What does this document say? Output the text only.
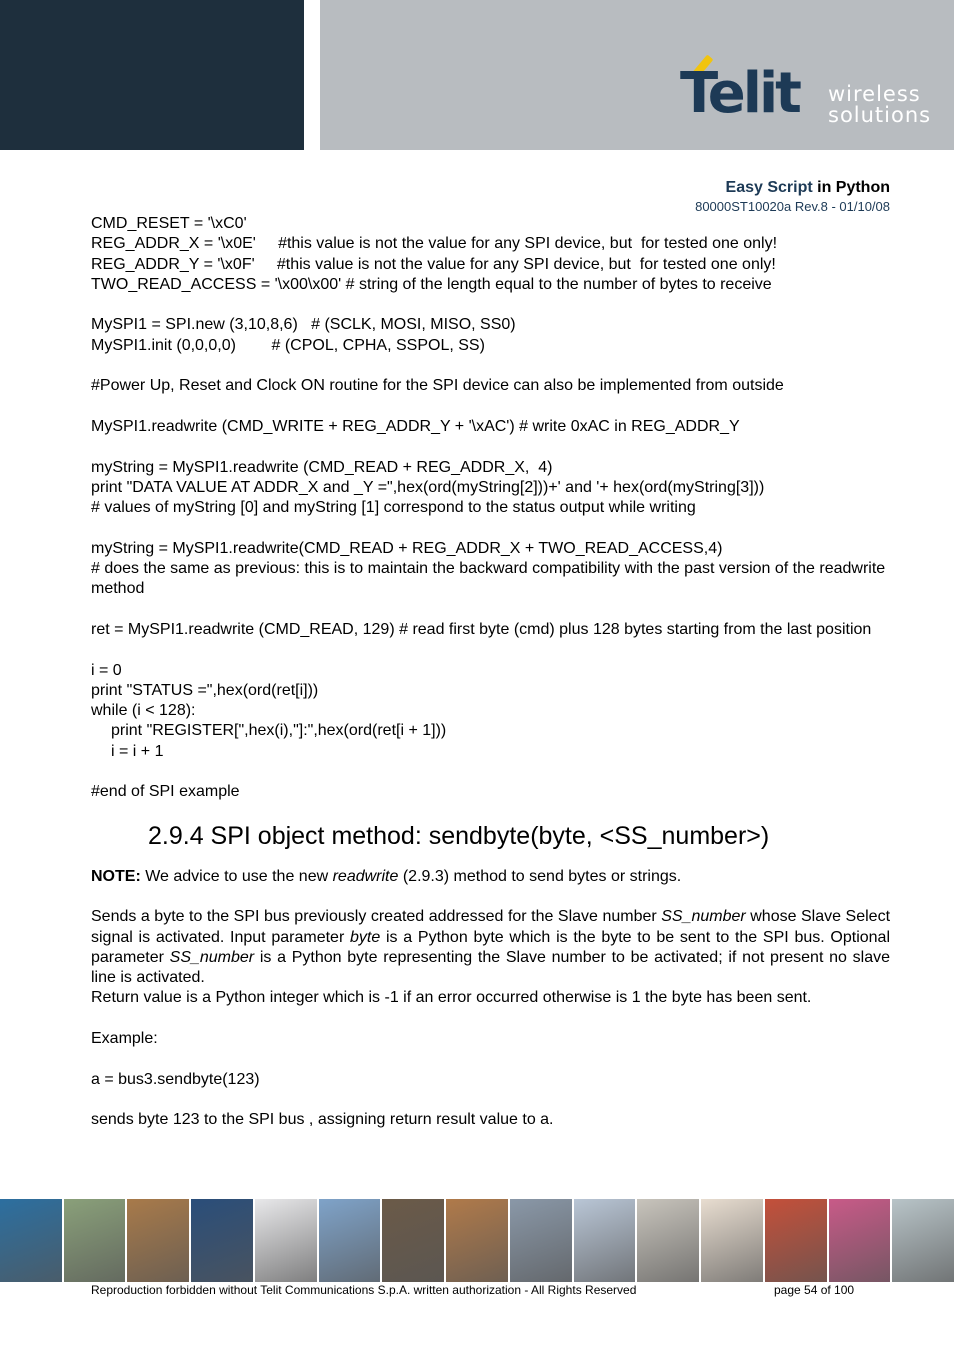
Telit wireless
solutions
Easy Script in Python
80000ST10020a Rev.8 - 01/10/08
CMD_RESET = '\xC0'
REG_ADDR_X = '\x0E'     #this value is not the value for any SPI device, but  for tested one only!
REG_ADDR_Y = '\x0F'     #this value is not the value for any SPI device, but  for tested one only!
TWO_READ_ACCESS = '\x00\x00' # string of the length equal to the number of bytes to receive
MySPI1 = SPI.new (3,10,8,6)   # (SCLK, MOSI, MISO, SS0)
MySPI1.init (0,0,0,0)        # (CPOL, CPHA, SSPOL, SS)
#Power Up, Reset and Clock ON routine for the SPI device can also be implemented from outside
MySPI1.readwrite (CMD_WRITE + REG_ADDR_Y + '\xAC') # write 0xAC in REG_ADDR_Y
myString = MySPI1.readwrite (CMD_READ + REG_ADDR_X,  4)
print "DATA VALUE AT ADDR_X and _Y =",hex(ord(myString[2]))+' and '+ hex(ord(myString[3]))
# values of myString [0] and myString [1] correspond to the status output while writing
myString = MySPI1.readwrite(CMD_READ + REG_ADDR_X + TWO_READ_ACCESS,4)
# does the same as previous: this is to maintain the backward compatibility with the past version of the readwrite method
ret = MySPI1.readwrite (CMD_READ, 129) # read first byte (cmd) plus 128 bytes starting from the last position
i = 0
print "STATUS =",hex(ord(ret[i]))
while (i < 128):
print "REGISTER[",hex(i),"]:",hex(ord(ret[i + 1]))
i = i + 1
#end of SPI example
2.9.4 SPI object method: sendbyte(byte, <SS_number>)
NOTE: We advice to use the new readwrite (2.9.3) method to send bytes or strings.
Sends a byte to the SPI bus previously created addressed for the Slave number SS_number whose Slave Select signal is activated. Input parameter byte is a Python byte which is the byte to be sent to the SPI bus. Optional parameter SS_number is a Python byte representing the Slave number to be activated; if not present no slave line is activated.
Return value is a Python integer which is -1 if an error occurred otherwise is 1 the byte has been sent.
Example:
a = bus3.sendbyte(123)
sends byte 123 to the SPI bus , assigning return result value to a.
Reproduction forbidden without Telit Communications S.p.A. written authorization - All Rights Reserved	page 54 of 100
